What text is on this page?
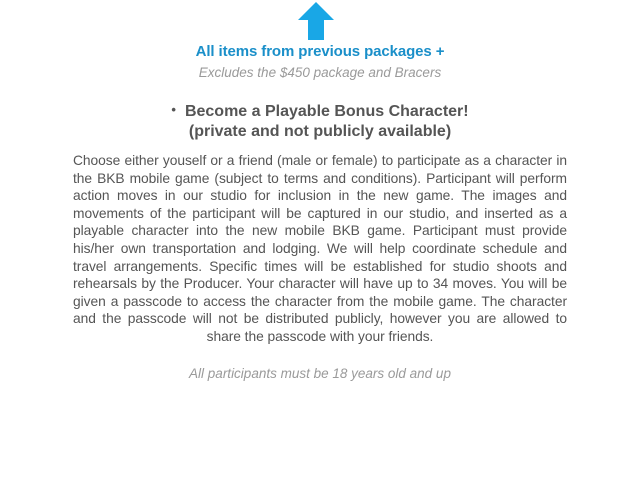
All items from previous packages +
Excludes the $450 package and Bracers
• Become a Playable Bonus Character!
(private and not publicly available)

Choose either youself or a friend (male or female) to participate as a character in the BKB mobile game (subject to terms and conditions). Participant will perform action moves in our studio for inclusion in the new game. The images and movements of the participant will be captured in our studio, and inserted as a playable character into the new mobile BKB game. Participant must provide his/her own transportation and lodging. We will help coordinate schedule and travel arrangements. Specific times will be established for studio shoots and rehearsals by the Producer. Your character will have up to 34 moves. You will be given a passcode to access the character from the mobile game. The character and the passcode will not be distributed publicly, however you are allowed to share the passcode with your friends.

All participants must be 18 years old and up
